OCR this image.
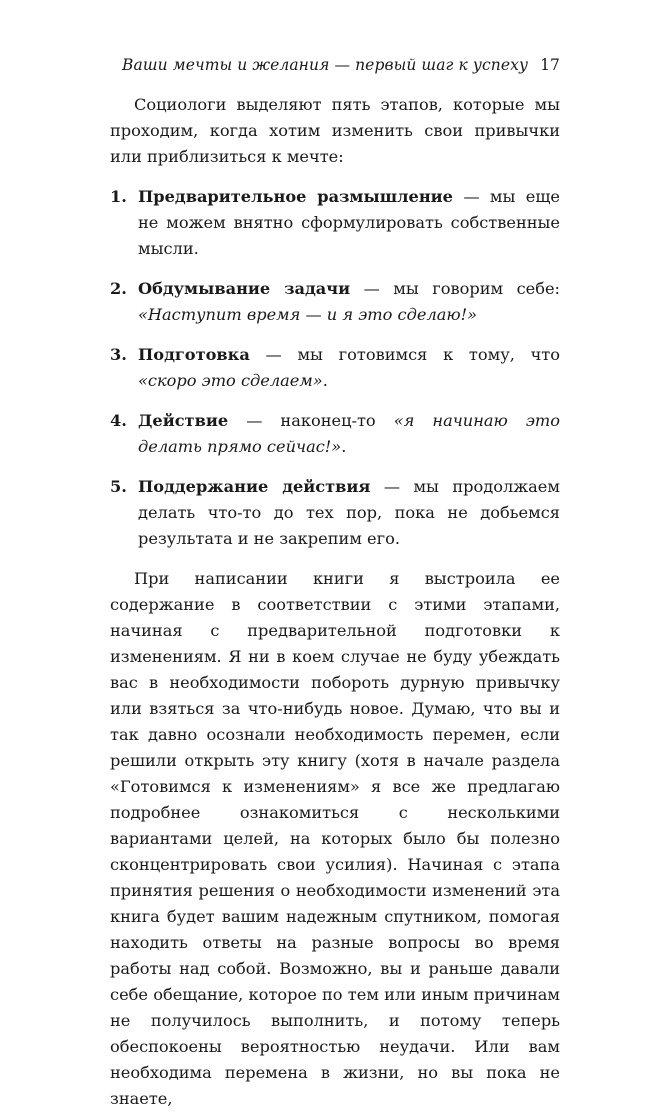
Ваши мечты и желания — первый шаг к успеху 17

Социологи выделяют пять этапов, которые мы проходим, когда хотим изменить свои привычки или приблизиться к мечте:

1. Предварительное размышление — мы еще не можем внятно сформулировать собственные мысли.
2. Обдумывание задачи — мы говорим себе: «Наступит время — и я это сделаю!»
3. Подготовка — мы готовимся к тому, что «скоро это сделаем».
4. Действие — наконец-то «я начинаю это делать прямо сейчас!».
5. Поддержание действия — мы продолжаем делать что-то до тех пор, пока не добьемся результата и не закрепим его.

При написании книги я выстроила ее содержание в соответствии с этими этапами, начиная с предварительной подготовки к изменениям. Я ни в коем случае не буду убеждать вас в необходимости побороть дурную привычку или взяться за что-нибудь новое. Думаю, что вы и так давно осознали необходимость перемен, если решили открыть эту книгу (хотя в начале раздела «Готовимся к изменениям» я все же предлагаю подробнее ознакомиться с несколькими вариантами целей, на которых было бы полезно сконцентрировать свои усилия). Начиная с этапа принятия решения о необходимости изменений эта книга будет вашим надежным спутником, помогая находить ответы на разные вопросы во время работы над собой. Возможно, вы и раньше давали себе обещание, которое по тем или иным причинам не получилось выполнить, и потому теперь обеспокоены вероятностью неудачи. Или вам необходима перемена в жизни, но вы пока не знаете,
